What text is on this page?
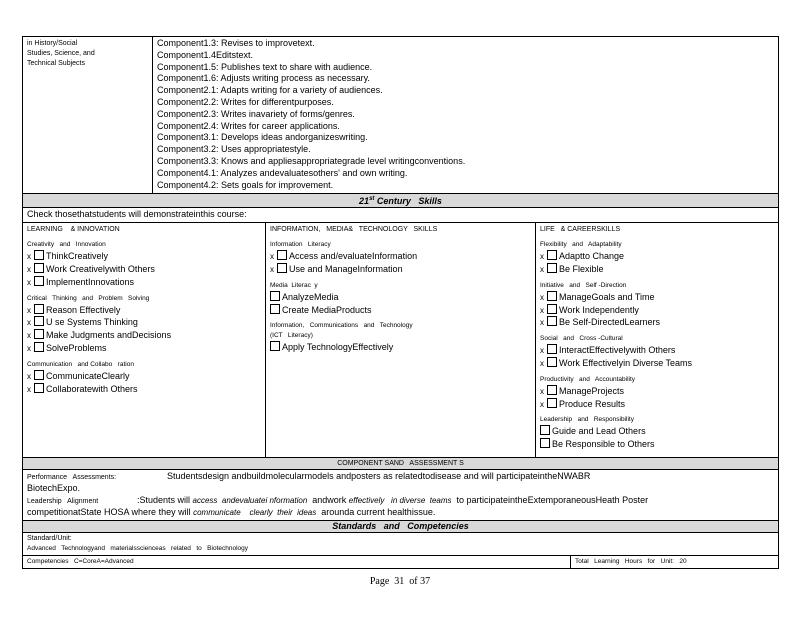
in History/Social
Studies, Science, and
Technical Subjects
Component1.3: Revises to improvetext.
Component1.4Editstext.
Component1.5: Publishes text to share with audience.
Component1.6: Adjusts writing process as necessary.
Component2.1: Adapts writing for a variety of audiences.
Component2.2: Writes for differentpurposes.
Component2.3: Writes inavariety of forms/genres.
Component2.4: Writes for career applications.
Component3.1: Develops ideas andorganizeswriting.
Component3.2: Uses appropriatestyle.
Component3.3: Knows and appliesappropriategrade level writingconventions.
Component4.1: Analyzes andevaluatesothers' and own writing.
Component4.2: Sets goals for improvement.
21st Century   Skills
Check thosethatstudents will demonstrateinthis course:
LEARNING    & INNOVATION
Creativity   and   Innovation
x ThinkCreatively
x Work Creativelywith Others
x ImplementInnovations
Critical   Thinking   and   Problem   Solving
x Reason Effectively
x U se Systems Thinking
x Make Judgments andDecisions
x SolveProblems
Communication   and Collabo   ration
x CommunicateClearly
x Collaboratewith Others
INFORMATION,   MEDIA&   TECHNOLOGY   SKILLS
Information   Literacy
x Access and/evaluateInformation
x Use and ManageInformation
Media  Literac  y
AnalyzeMedia
Create MediaProducts
Information,   Communications   and   Technology
(ICT   Literacy)
Apply TechnologyEffectively
LIFE   & CAREERSKILLS
Flexibility   and   Adaptability
x Adaptto Change
x Be Flexible
Initiative   and   Self -Direction
x ManageGoals and Time
x Work Independently
x Be Self-DirectedLearners
Social   and   Cross -Cultural
x InteractEffectivelywith Others
x Work Effectivelyin Diverse Teams
Productivity   and   Accountability
x ManageProjects
x Produce Results
Leadership   and   Responsibility
Guide and Lead Others
Be Responsible to Others
COMPONENT SAND   ASSESSMENT S
Performance   Assessments:	Studentsdesign andbuildmolecularmodels andposters as relatedtodisease and will participateintheNWABR
BiotechExpo.
Leadership   Alignment	:Students will access  andevaluatei nformation  andwork effectively   in diverse  teams  to participateintheExtemporaneousHeath Poster
competitionatState HOSA where they will communicate    clearly  their  ideas  arounda current healthissue.
Standards   and   Competencies
Standard/Unit:
Advanced   Technologyand   materialsscienceas   related   to   Biotechnology
Competencies   C=CoreA=Advanced	Total   Learning   Hours   for   Unit:   20
Page  31  of 37
